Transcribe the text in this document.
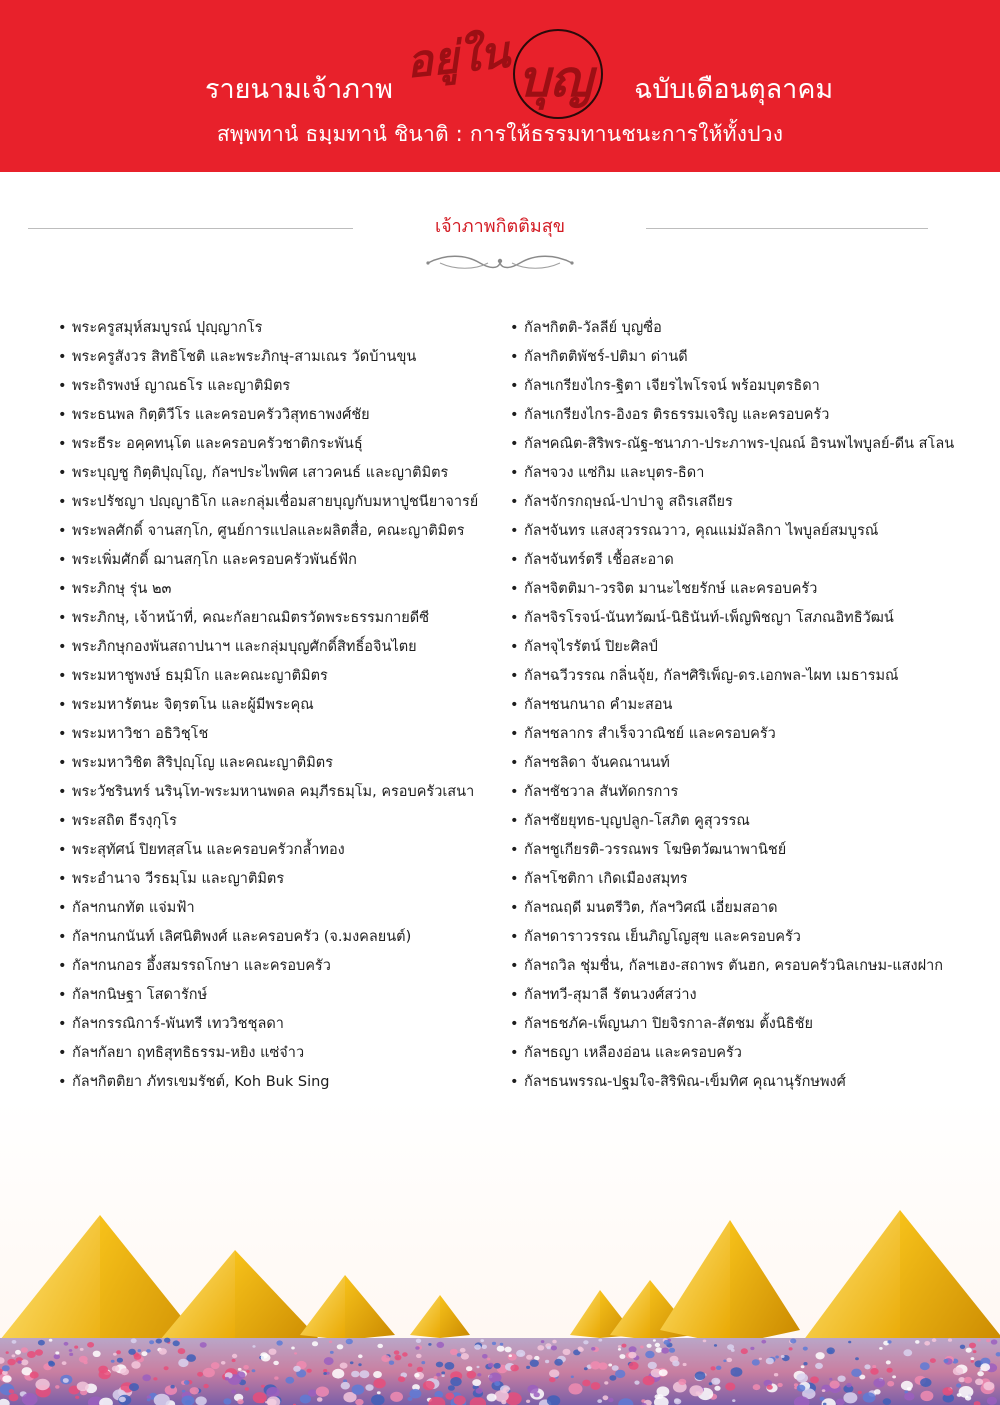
รายนามเจ้าภาพ
อยู่ใน บุญ ฉบับเดือนตุลาคม
สพฺพทานํ ธมฺมทานํ ชินาติ : การให้ธรรมทานชนะการให้ทั้งปวง
เจ้าภาพกิตติมสุข
• พระครูสมุห์สมบูรณ์ ปุญฺญากโร
• พระครูสังวร สิทธิโชติ และพระภิกษุ-สามเณร วัดบ้านขุน
• พระถิรพงษ์ ญาณธโร และญาติมิตร
• พระธนพล กิตฺติวีโร และครอบครัววิสุทธาพงศ์ชัย
• พระธีระ อคฺคทนฺโต และครอบครัวชาติกระพันธุ์
• พระบุญชู กิตฺติปุญฺโญ, กัลฯประไพพิศ เสาวคนธ์ และญาติมิตร
• พระปรัชญา ปญฺญาธิโก และกลุ่มเชื่อมสายบุญกับมหาปูชนียาจารย์
• พระพลศักดิ์ จานสกฺโก, ศูนย์การแปลและผลิตสื่อ, คณะญาติมิตร
• พระเพิ่มศักดิ์ ฌานสกฺโก และครอบครัวพันธ์ฟัก
• พระภิกษุ รุ่น ๒๓
• พระภิกษุ, เจ้าหน้าที่, คณะกัลยาณมิตรวัดพระธรรมกายดีซี
• พระภิกษุกองพันสถาปนาฯ และกลุ่มบุญศักดิ์สิทธิ์อจินไตย
• พระมหาชูพงษ์ ธมฺมิโก และคณะญาติมิตร
• พระมหารัตนะ จิตฺรตโน และผู้มีพระคุณ
• พระมหาวิชา อธิวิชฺโช
• พระมหาวิชิต สิริปุญฺโญ และคณะญาติมิตร
• พระวัชรินทร์ นรินฺโท-พระมหานพดล คมฺภีรธมฺโม, ครอบครัวเสนา
• พระสถิต ธีรงฺกุโร
• พระสุทัศน์ ปิยทสฺสโน และครอบครัวกล้ำทอง
• พระอำนาจ วีรธมฺโม และญาติมิตร
• กัลฯกนกทัต แจ่มฟ้า
• กัลฯกนกนันท์ เลิศนิติพงศ์ และครอบครัว (จ.มงคลยนต์)
• กัลฯกนกอร อึ้งสมรรถโกษา และครอบครัว
• กัลฯกนิษฐา โสดารักษ์
• กัลฯกรรณิการ์-พันทรี เทววิชชุลดา
• กัลฯกัลยา ฤทธิสุทธิธรรม-หยิง แซ่จ๋าว
• กัลฯกิตติยา ภัทรเขมรัชต์, Koh Buk Sing
• กัลฯกิตติ-วัลลีย์ บุญซื่อ
• กัลฯกิตติพัชร์-ปติมา ด่านดี
• กัลฯเกรียงไกร-ฐิตา เจียรไพโรจน์ พร้อมบุตรธิดา
• กัลฯเกรียงไกร-อิงอร ติรธรรมเจริญ และครอบครัว
• กัลฯคณิต-สิริพร-ณัฐ-ชนาภา-ประภาพร-ปุณณ์ อิรนพไพบูลย์-ดีน สโลน
• กัลฯจวง แซ่กิม และบุตร-ธิดา
• กัลฯจักรกฤษณ์-ปาปาจู สถิรเสถียร
• กัลฯจันทร แสงสุวรรณวาว, คุณแม่มัลลิกา ไพบูลย์สมบูรณ์
• กัลฯจันทร์ตรี เชื้อสะอาด
• กัลฯจิตติมา-วรจิต มานะไชยรักษ์ และครอบครัว
• กัลฯจิรโรจน์-นันทวัฒน์-นิธินันท์-เพ็ญพิชญา โสภณอิทธิวัฒน์
• กัลฯจุไรรัตน์ ปิยะศิลป์
• กัลฯฉวีวรรณ กลิ่นจุ้ย, กัลฯศิริเพ็ญ-ดร.เอกพล-ไผท เมธารมณ์
• กัลฯชนกนาถ คำมะสอน
• กัลฯชลากร สำเร็จวาณิชย์ และครอบครัว
• กัลฯชลิดา จันคณานนท์
• กัลฯชัชวาล สันทัดกรการ
• กัลฯชัยยุทธ-บุญปลูก-โสภิต คูสุวรรณ
• กัลฯชูเกียรติ-วรรณพร โฆษิตวัฒนาพานิชย์
• กัลฯโชติกา เกิดเมืองสมุทร
• กัลฯณฤดี มนตรีวิต, กัลฯวิศณี เอี่ยมสอาด
• กัลฯดาราวรรณ เย็นภิญโญสุข และครอบครัว
• กัลฯถวิล ชุ่มชื่น, กัลฯเฮง-สถาพร ตันฮก, ครอบครัวนิลเกษม-แสงฝาก
• กัลฯทวี-สุมาลี รัตนวงศ์สว่าง
• กัลฯธชภัค-เพ็ญนภา ปิยจิรกาล-สัตชม ตั้งนิธิชัย
• กัลฯธญา เหลืองอ่อน และครอบครัว
• กัลฯธนพรรณ-ปฐมใจ-สิริพิณ-เข็มทิศ คุณานุรักษพงศ์
